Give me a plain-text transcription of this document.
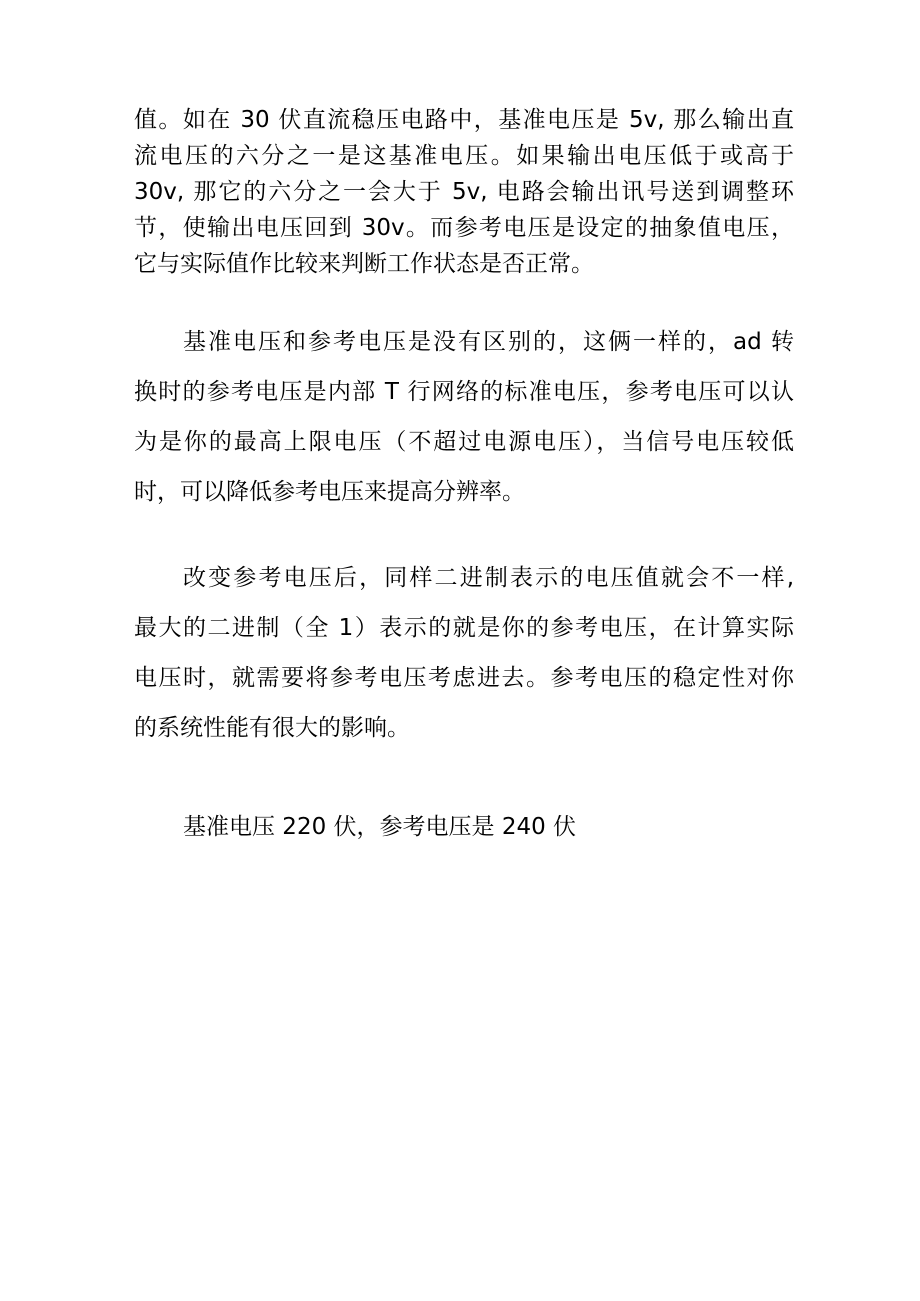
值。如在 30 伏直流稳压电路中，基准电压是 5v, 那么输出直
流电压的六分之一是这基准电压。如果输出电压低于或高于
30v, 那它的六分之一会大于 5v, 电路会输出讯号送到调整环
节，使输出电压回到 30v。而参考电压是设定的抽象值电压，
它与实际值作比较来判断工作状态是否正常。
基准电压和参考电压是没有区别的，这俩一样的，ad 转
换时的参考电压是内部 T 行网络的标准电压，参考电压可以认
为是你的最高上限电压（不超过电源电压），当信号电压较低
时，可以降低参考电压来提高分辨率。
改变参考电压后，同样二进制表示的电压值就会不一样,
最大的二进制（全 1）表示的就是你的参考电压，在计算实际
电压时，就需要将参考电压考虑进去。参考电压的稳定性对你
的系统性能有很大的影响。
基准电压 220 伏，参考电压是 240 伏
